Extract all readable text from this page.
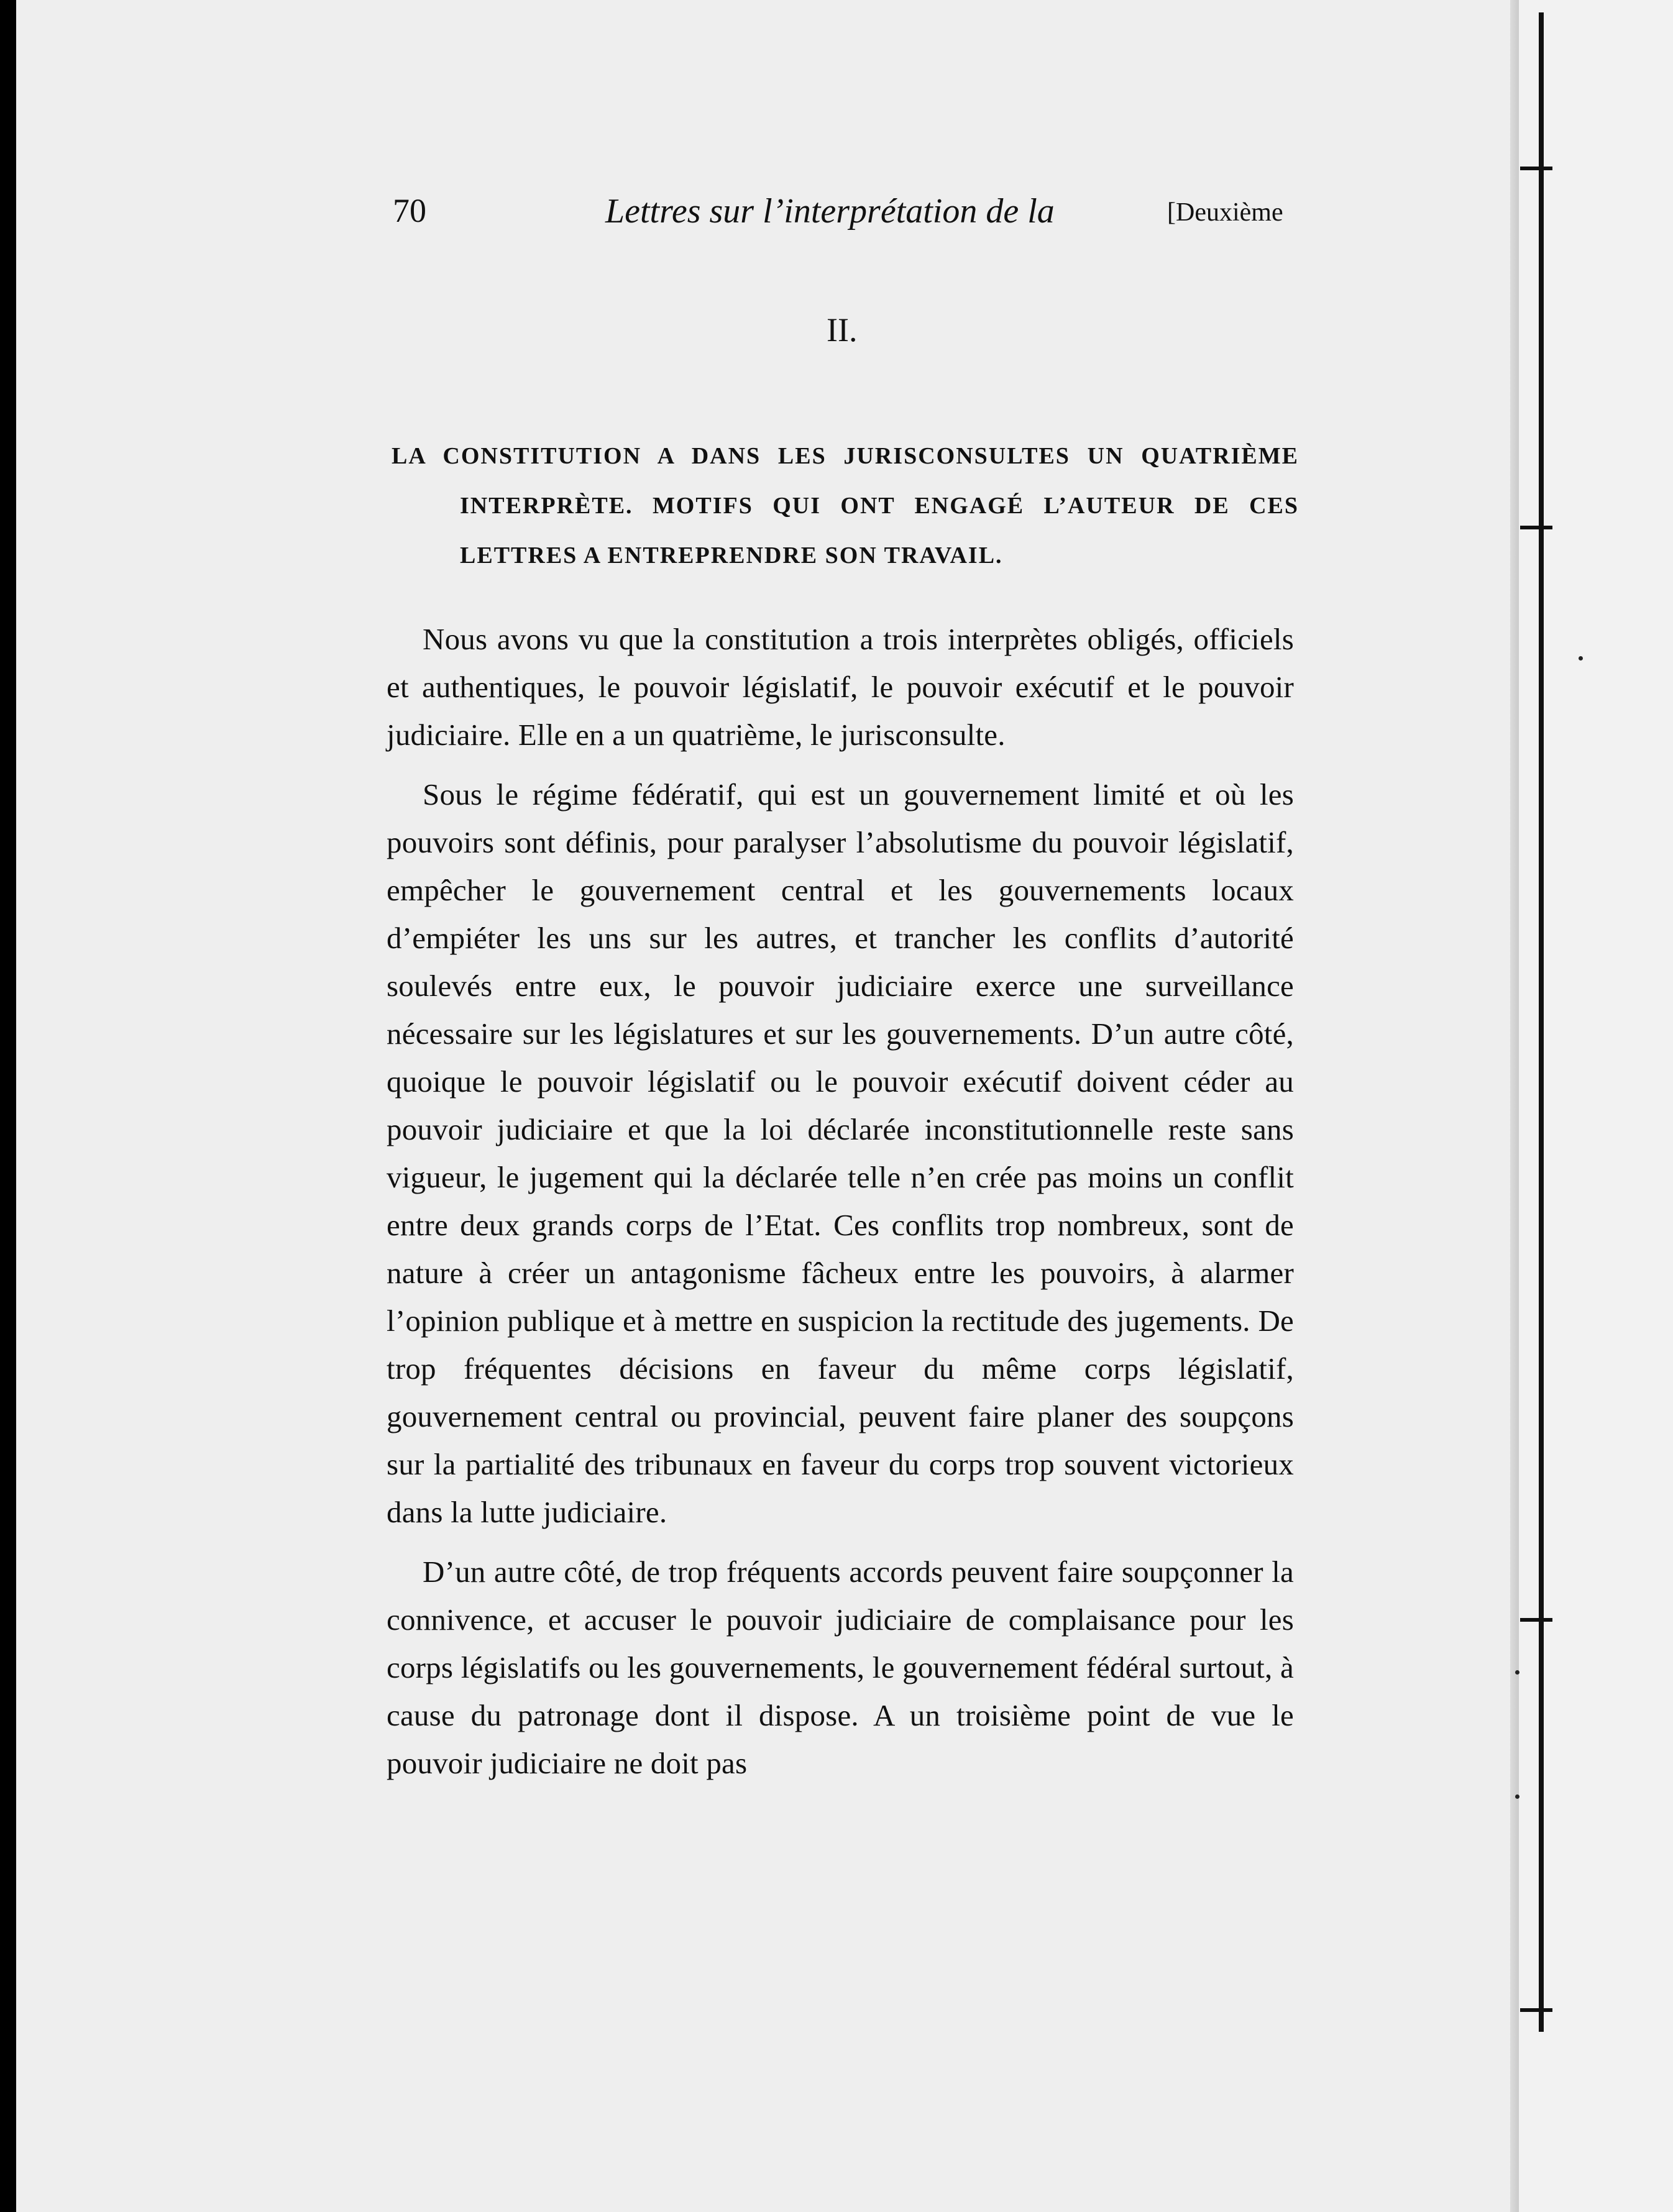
70	Lettres sur l’interprétation de la	[Deuxième
II.
LA CONSTITUTION A DANS LES JURISCONSULTES UN QUATRIÈME
INTERPRÈTE. MOTIFS QUI ONT ENGAGÉ L’AUTEUR DE CES
LETTRES A ENTREPRENDRE SON TRAVAIL.

Nous avons vu que la constitution a trois interprètes obligés, officiels et authentiques, le pouvoir législatif, le pouvoir exécutif et le pouvoir judiciaire. Elle en a un quatrième, le jurisconsulte.

Sous le régime fédératif, qui est un gouvernement limité et où les pouvoirs sont définis, pour paralyser l’absolutisme du pouvoir législatif, empêcher le gouvernement central et les gouvernements locaux d’empiéter les uns sur les autres, et trancher les conflits d’autorité soulevés entre eux, le pouvoir judiciaire exerce une surveillance nécessaire sur les législatures et sur les gouvernements. D’un autre côté, quoique le pouvoir législatif ou le pouvoir exécutif doivent céder au pouvoir judiciaire et que la loi déclarée inconstitutionnelle reste sans vigueur, le jugement qui la déclarée telle n’en crée pas moins un conflit entre deux grands corps de l’Etat. Ces conflits trop nombreux, sont de nature à créer un antagonisme fâcheux entre les pouvoirs, à alarmer l’opinion publique et à mettre en suspicion la rectitude des jugements. De trop fréquentes décisions en faveur du même corps législatif, gouvernement central ou provincial, peuvent faire planer des soupçons sur la partialité des tribunaux en faveur du corps trop souvent victorieux dans la lutte judiciaire.

D’un autre côté, de trop fréquents accords peuvent faire soupçonner la connivence, et accuser le pouvoir judiciaire de complaisance pour les corps législatifs ou les gouvernements, le gouvernement fédéral surtout, à cause du patronage dont il dispose. A un troisième point de vue le pouvoir judiciaire ne doit pas
